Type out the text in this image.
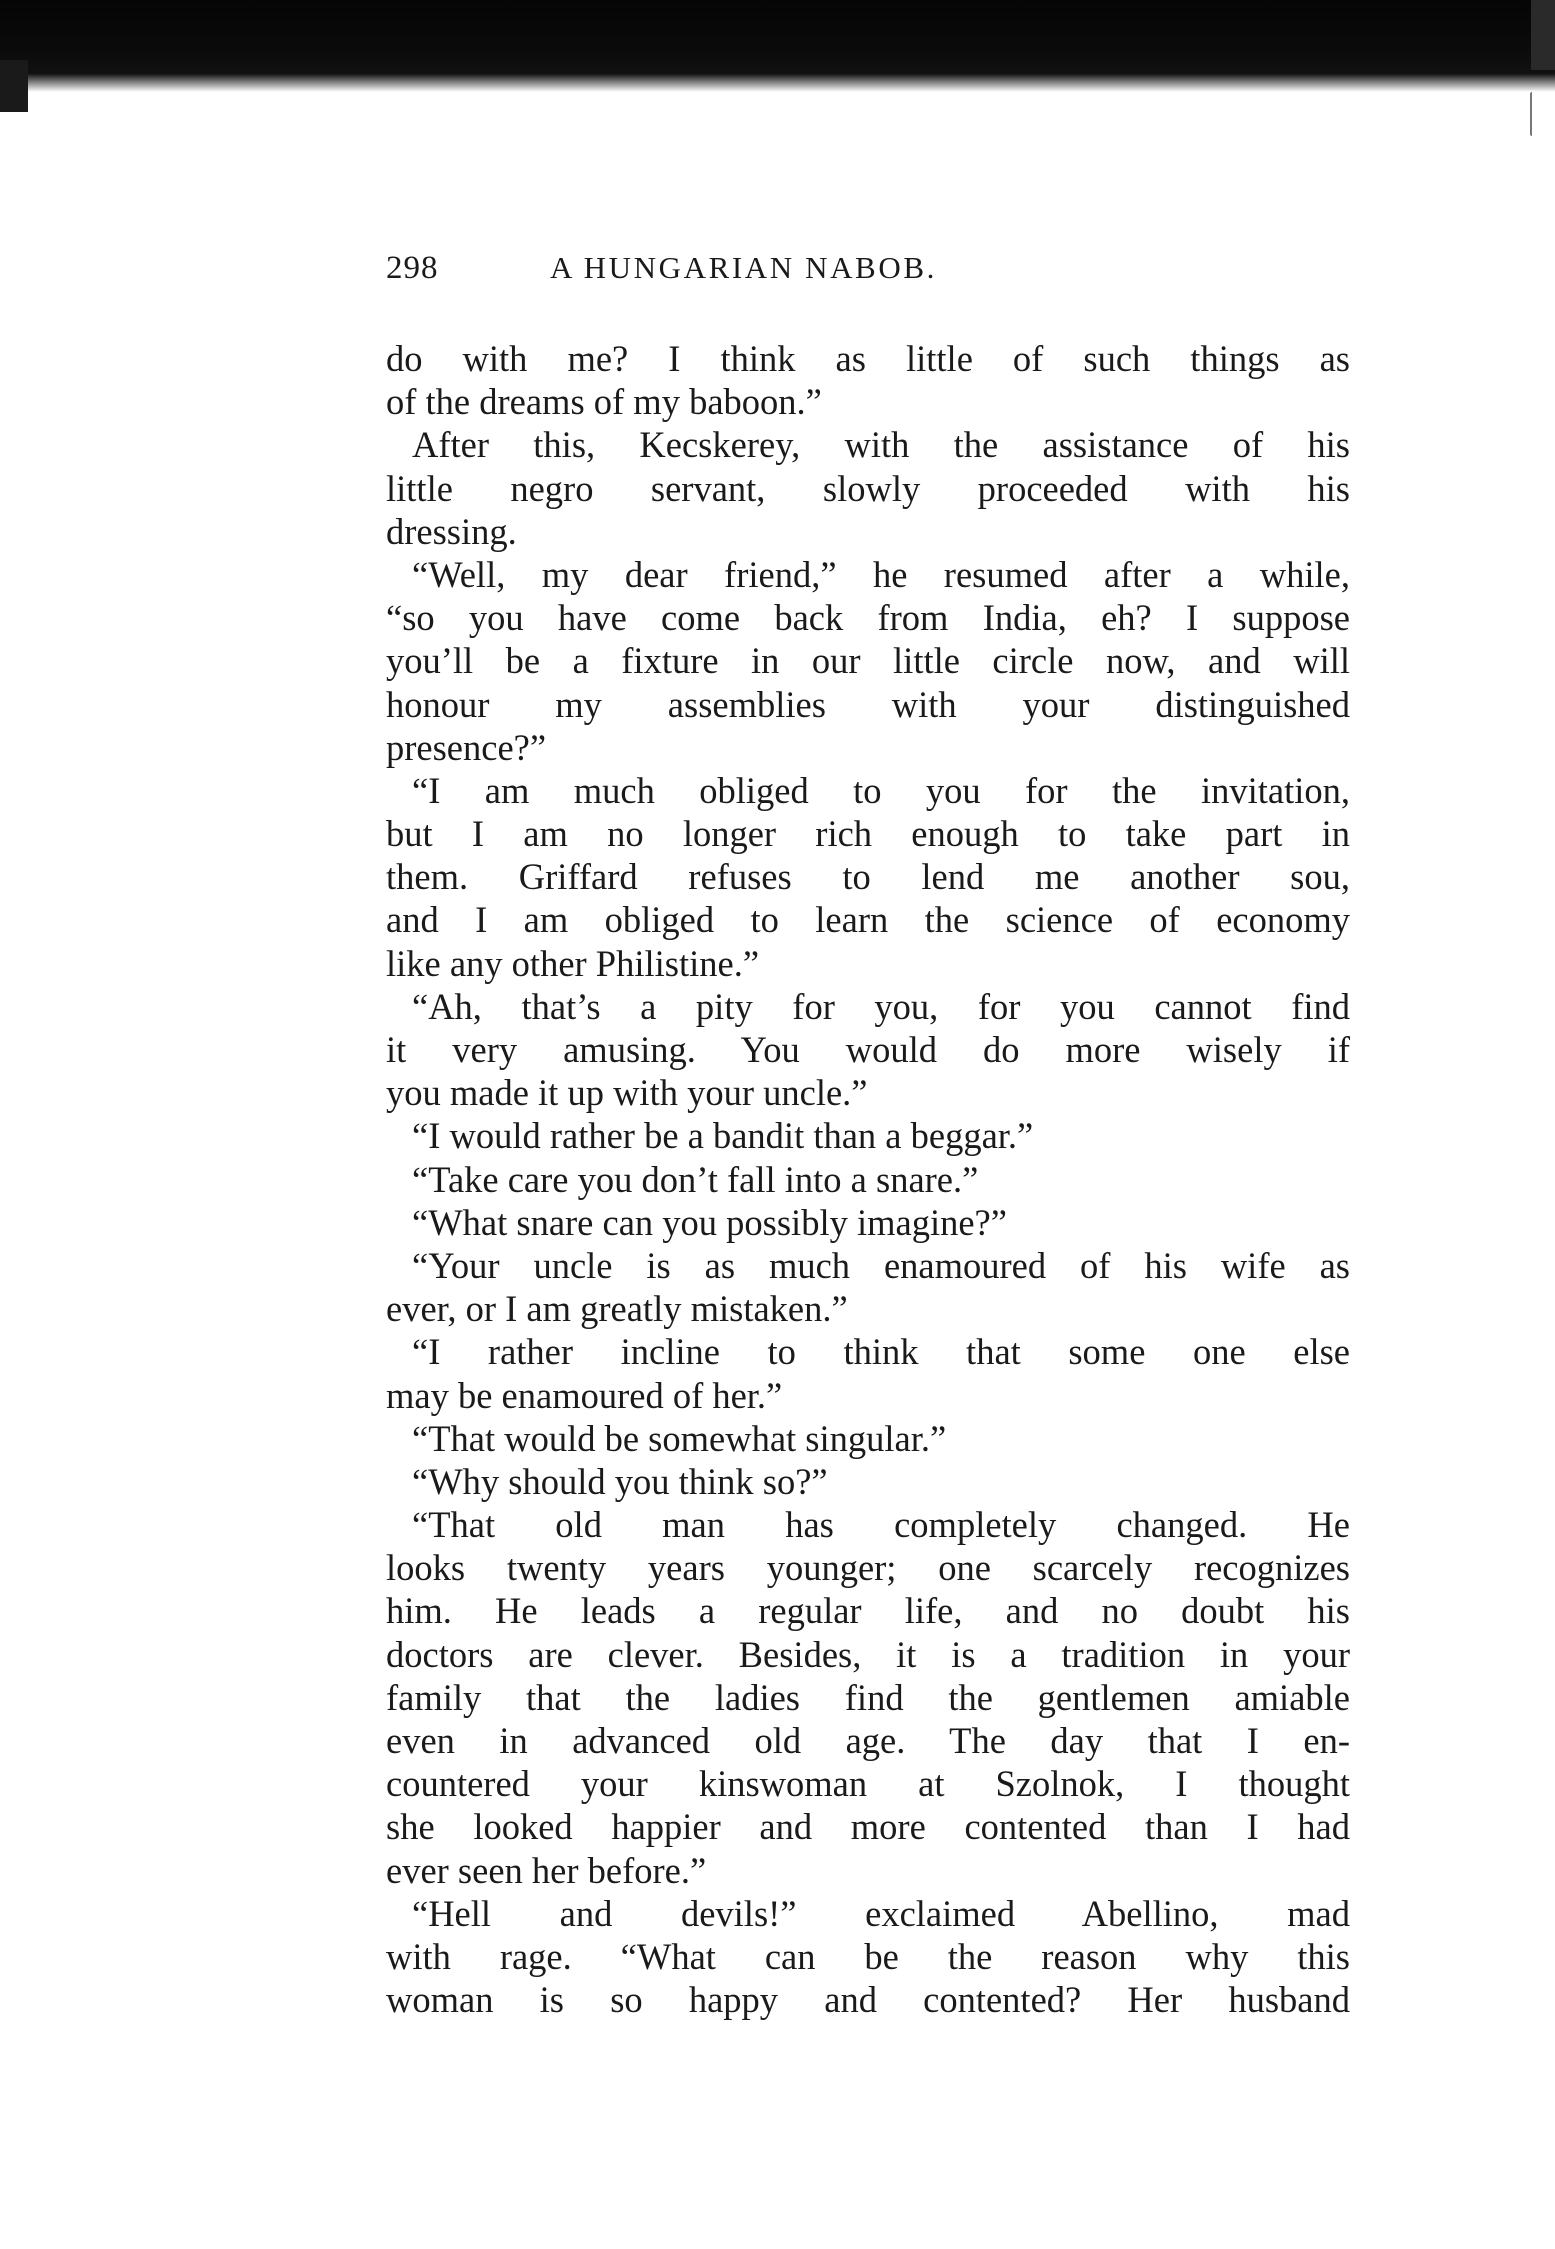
298	A HUNGARIAN NABOB.
do with me? I think as little of such things as
of the dreams of my baboon.”
After this, Kecskerey, with the assistance of his
little negro servant, slowly proceeded with his
dressing.
“Well, my dear friend,” he resumed after a while,
“so you have come back from India, eh? I suppose
you’ll be a fixture in our little circle now, and will
honour my assemblies with your distinguished
presence?”
“I am much obliged to you for the invitation,
but I am no longer rich enough to take part in
them. Griffard refuses to lend me another sou,
and I am obliged to learn the science of economy
like any other Philistine.”
“Ah, that’s a pity for you, for you cannot find
it very amusing. You would do more wisely if
you made it up with your uncle.”
“I would rather be a bandit than a beggar.”
“Take care you don’t fall into a snare.”
“What snare can you possibly imagine?”
“Your uncle is as much enamoured of his wife as
ever, or I am greatly mistaken.”
“I rather incline to think that some one else
may be enamoured of her.”
“That would be somewhat singular.”
“Why should you think so?”
“That old man has completely changed. He
looks twenty years younger; one scarcely recognizes
him. He leads a regular life, and no doubt his
doctors are clever. Besides, it is a tradition in your
family that the ladies find the gentlemen amiable
even in advanced old age. The day that I en-
countered your kinswoman at Szolnok, I thought
she looked happier and more contented than I had
ever seen her before.”
“Hell and devils!” exclaimed Abellino, mad
with rage. “What can be the reason why this
woman is so happy and contented? Her husband
